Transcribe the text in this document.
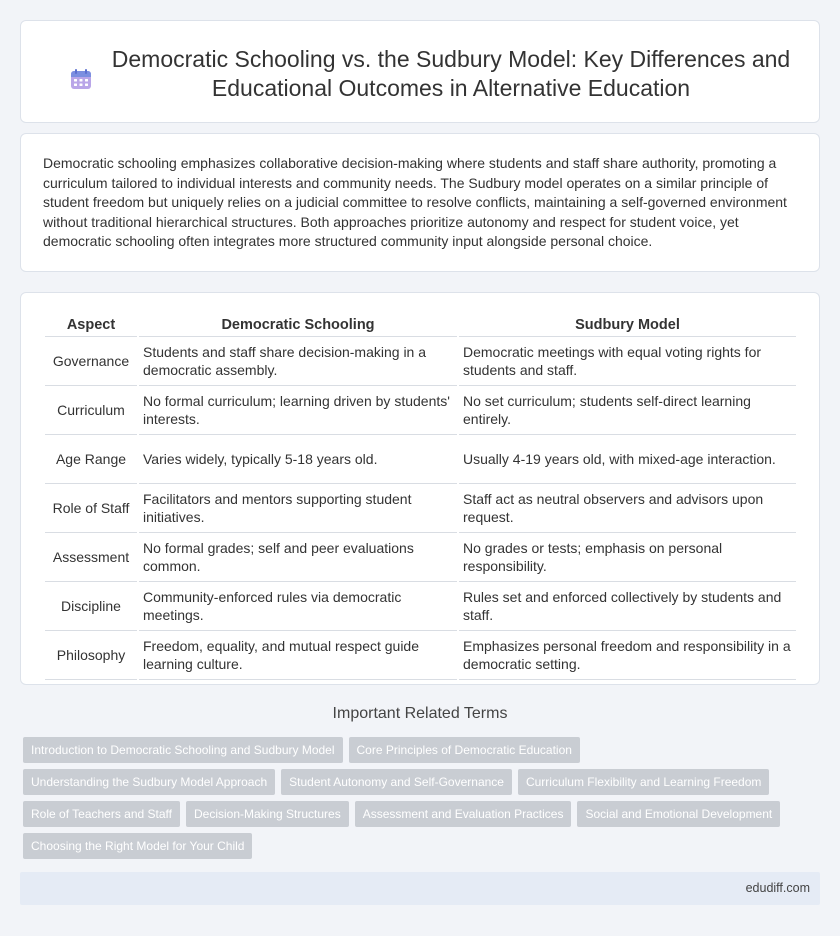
Democratic Schooling vs. the Sudbury Model: Key Differences and Educational Outcomes in Alternative Education

Democratic schooling emphasizes collaborative decision-making where students and staff share authority, promoting a curriculum tailored to individual interests and community needs. The Sudbury model operates on a similar principle of student freedom but uniquely relies on a judicial committee to resolve conflicts, maintaining a self-governed environment without traditional hierarchical structures. Both approaches prioritize autonomy and respect for student voice, yet democratic schooling often integrates more structured community input alongside personal choice.

Aspect	Democratic Schooling	Sudbury Model
Governance	Students and staff share decision-making in a democratic assembly.	Democratic meetings with equal voting rights for students and staff.
Curriculum	No formal curriculum; learning driven by students' interests.	No set curriculum; students self-direct learning entirely.
Age Range	Varies widely, typically 5-18 years old.	Usually 4-19 years old, with mixed-age interaction.
Role of Staff	Facilitators and mentors supporting student initiatives.	Staff act as neutral observers and advisors upon request.
Assessment	No formal grades; self and peer evaluations common.	No grades or tests; emphasis on personal responsibility.
Discipline	Community-enforced rules via democratic meetings.	Rules set and enforced collectively by students and staff.
Philosophy	Freedom, equality, and mutual respect guide learning culture.	Emphasizes personal freedom and responsibility in a democratic setting.
Important Related Terms
Introduction to Democratic Schooling and Sudbury Model	Core Principles of Democratic Education
Understanding the Sudbury Model Approach	Student Autonomy and Self-Governance	Curriculum Flexibility and Learning Freedom
Role of Teachers and Staff	Decision-Making Structures	Assessment and Evaluation Practices	Social and Emotional Development
Choosing the Right Model for Your Child
edudiff.com
